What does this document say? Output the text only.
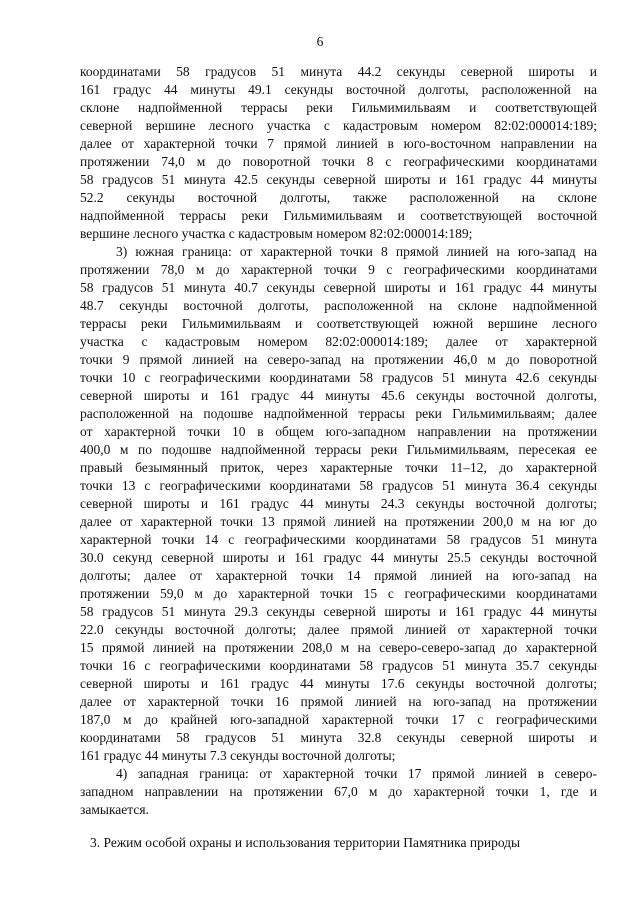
6
координатами 58 градусов 51 минута 44.2 секунды северной широты и
161 градус 44 минуты 49.1 секунды восточной долготы, расположенной на
склоне надпойменной террасы реки Гильмимильваям и соответствующей
северной вершине лесного участка с кадастровым номером 82:02:000014:189;
далее от характерной точки 7 прямой линией в юго-восточном направлении на
протяжении 74,0 м до поворотной точки 8 с географическими координатами
58 градусов 51 минута 42.5 секунды северной широты и 161 градус 44 минуты
52.2 секунды восточной долготы, также расположенной на склоне
надпойменной террасы реки Гильмимильваям и соответствующей восточной
вершине лесного участка с кадастровым номером 82:02:000014:189;
3) южная граница: от характерной точки 8 прямой линией на юго-запад на
протяжении 78,0 м до характерной точки 9 с географическими координатами
58 градусов 51 минута 40.7 секунды северной широты и 161 градус 44 минуты
48.7 секунды восточной долготы, расположенной на склоне надпойменной
террасы реки Гильмимильваям и соответствующей южной вершине лесного
участка с кадастровым номером 82:02:000014:189; далее от характерной
точки 9 прямой линией на северо-запад на протяжении 46,0 м до поворотной
точки 10 с географическими координатами 58 градусов 51 минута 42.6 секунды
северной широты и 161 градус 44 минуты 45.6 секунды восточной долготы,
расположенной на подошве надпойменной террасы реки Гильмимильваям; далее
от характерной точки 10 в общем юго-западном направлении на протяжении
400,0 м по подошве надпойменной террасы реки Гильмимильваям, пересекая ее
правый безымянный приток, через характерные точки 11–12, до характерной
точки 13 с географическими координатами 58 градусов 51 минута 36.4 секунды
северной широты и 161 градус 44 минуты 24.3 секунды восточной долготы;
далее от характерной точки 13 прямой линией на протяжении 200,0 м на юг до
характерной точки 14 с географическими координатами 58 градусов 51 минута
30.0 секунд северной широты и 161 градус 44 минуты 25.5 секунды восточной
долготы; далее от характерной точки 14 прямой линией на юго-запад на
протяжении 59,0 м до характерной точки 15 с географическими координатами
58 градусов 51 минута 29.3 секунды северной широты и 161 градус 44 минуты
22.0 секунды восточной долготы; далее прямой линией от характерной точки
15 прямой линией на протяжении 208,0 м на северо-северо-запад до характерной
точки 16 с географическими координатами 58 градусов 51 минута 35.7 секунды
северной широты и 161 градус 44 минуты 17.6 секунды восточной долготы;
далее от характерной точки 16 прямой линией на юго-запад на протяжении
187,0 м до крайней юго-западной характерной точки 17 с географическими
координатами 58 градусов 51 минута 32.8 секунды северной широты и
161 градус 44 минуты 7.3 секунды восточной долготы;
4) западная граница: от характерной точки 17 прямой линией в северо-
западном направлении на протяжении 67,0 м до характерной точки 1, где и
замыкается.
3. Режим особой охраны и использования территории Памятника природы
